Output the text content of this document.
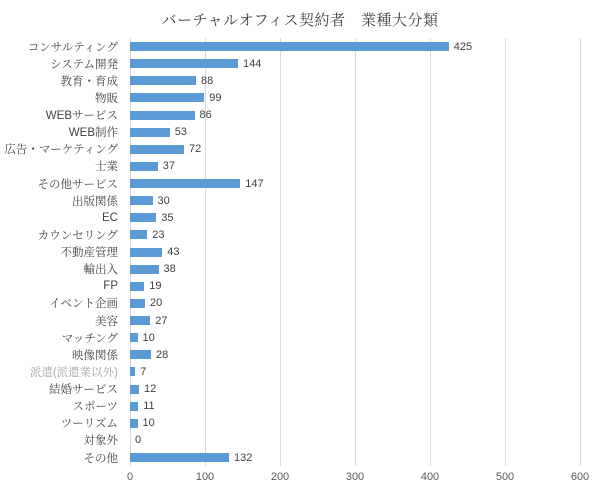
バーチャルオフィス契約者　業種大分類
コンサルティング
システム開発
教育・育成
物販
WEBサービス
WEB制作
広告・マーケティング
士業
その他サービス
出版関係
EC
カウンセリング
不動産管理
輸出入
FP
イベント企画
美容
マッチング
映像関係
派遣(派遣業以外)
結婚サービス
スポーツ
ツーリズム
対象外
その他
425
144
88
99
86
53
72
37
147
30
35
23
43
38
19
20
27
10
28
7
12
11
10
0
132
0	100	200	300	400	500	600
